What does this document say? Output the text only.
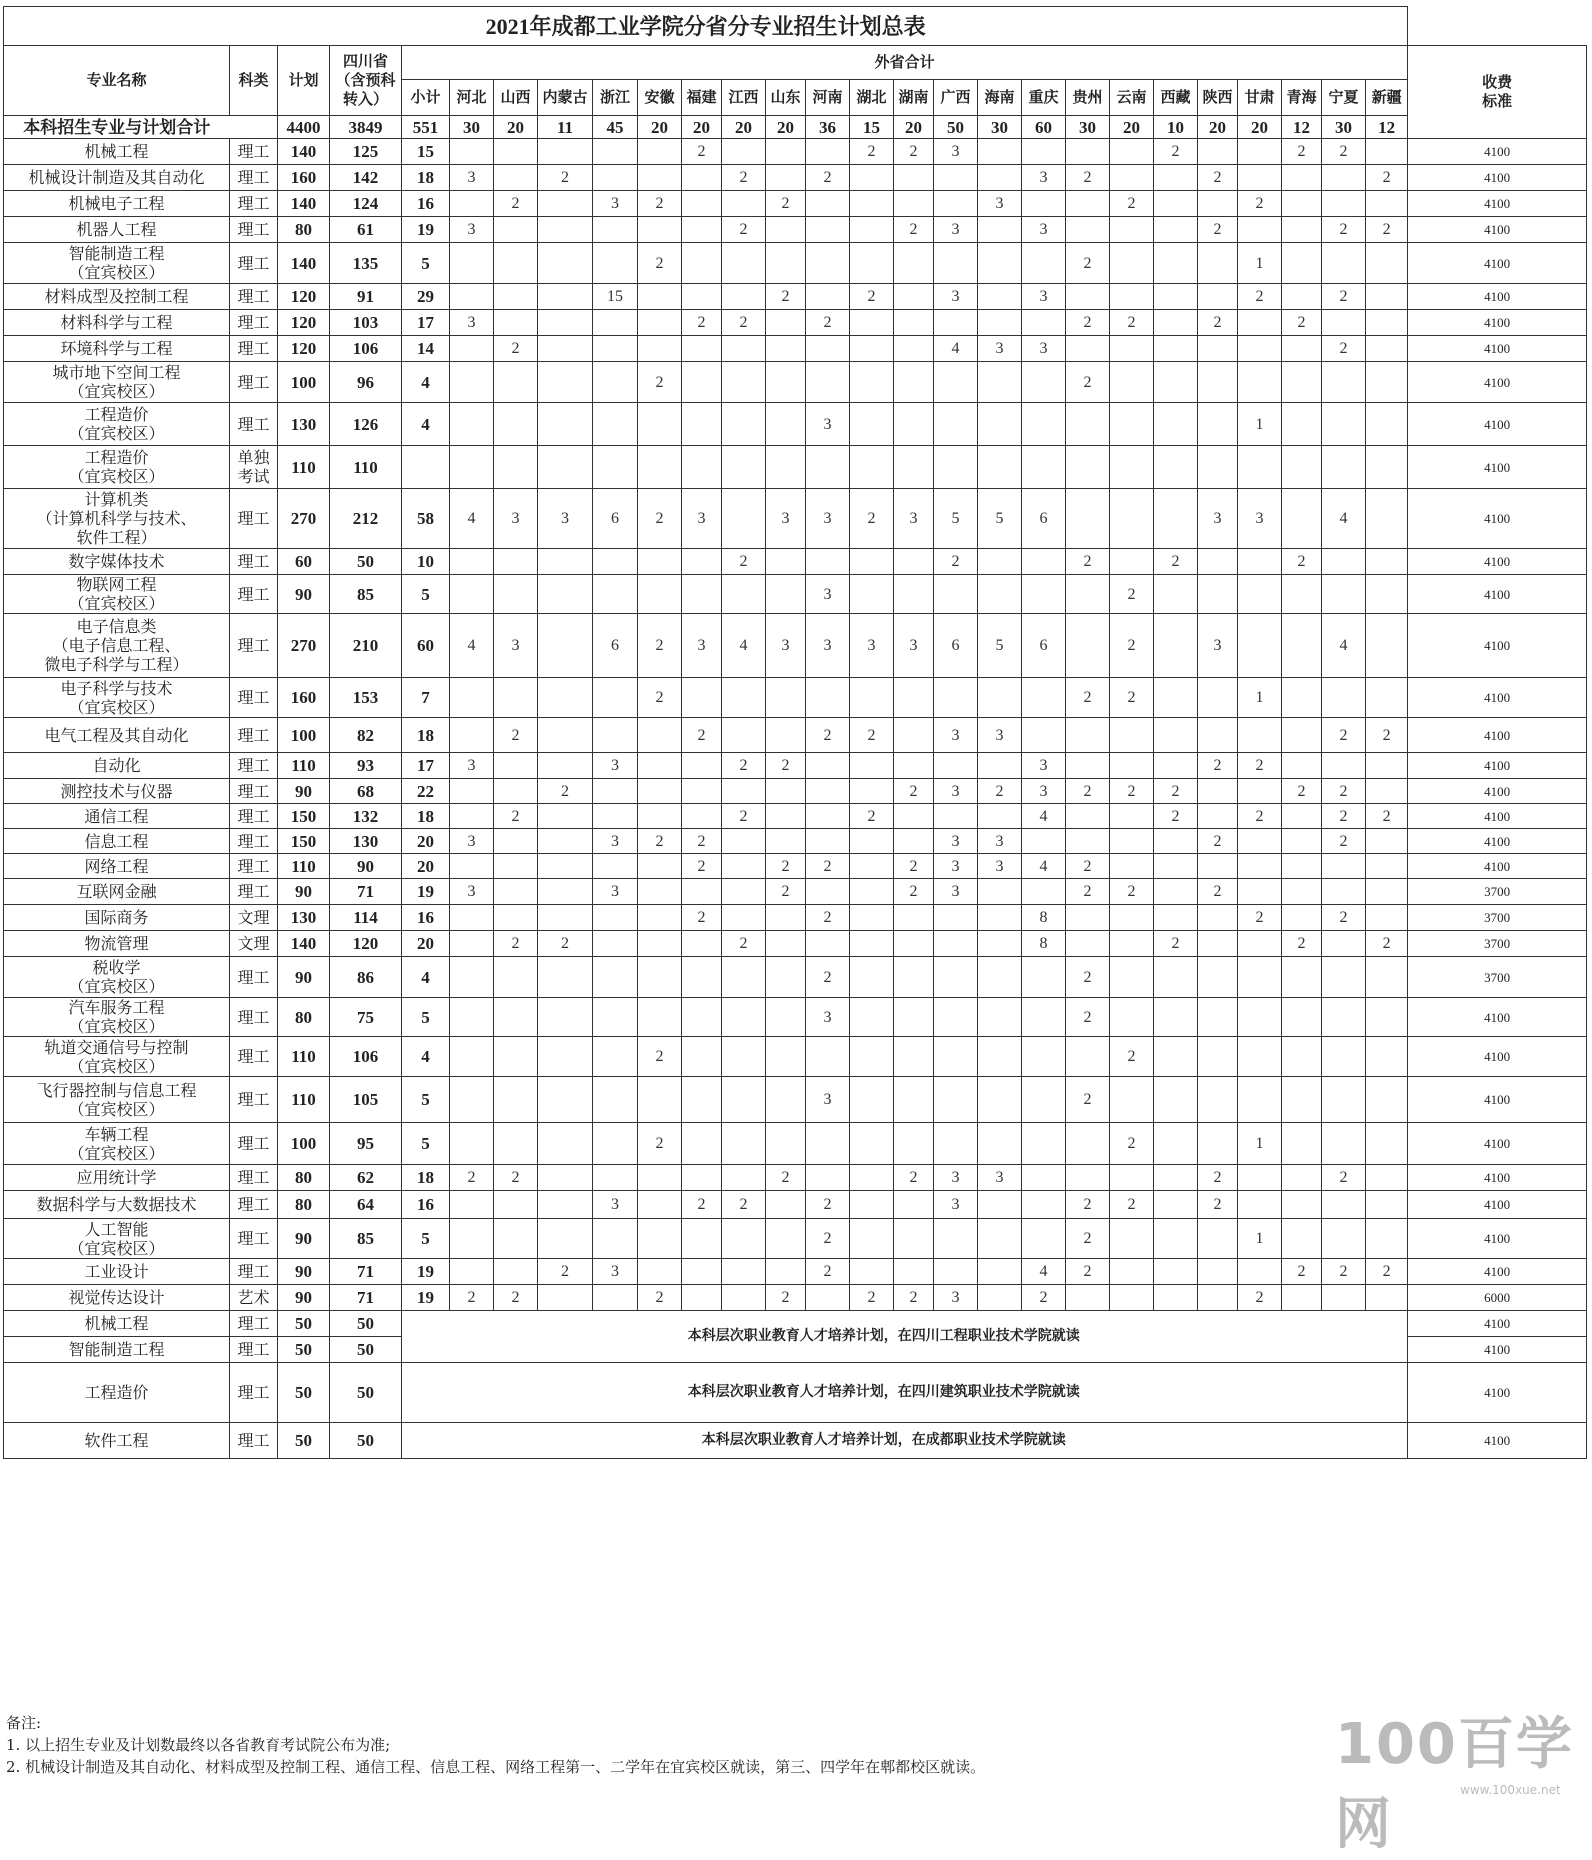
2021年成都工业学院分省分专业招生计划总表																											
专业名称	科类	计划	四川省
（含预科
转入）	外省合计																							收费
标准
				小计	河北	山西	内蒙古	浙江	安徽	福建	江西	山东	河南	湖北	湖南	广西	海南	重庆	贵州	云南	西藏	陕西	甘肃	青海	宁夏	新疆	
本科招生专业与计划合计		4400	3849	551	30	20	11	45	20	20	20	20	36	15	20	50	30	60	30	20	10	20	20	12	30	12	
机械工程	理工	140	125	15						2				2	2	3					2			2	2		4100
机械设计制造及其自动化	理工	160	142	18	3		2				2		2					3	2			2				2	4100
机械电子工程	理工	140	124	16		2		3	2			2					3			2			2				4100
机器人工程	理工	80	61	19	3						2				2	3		3				2			2	2	4100
智能制造工程
（宜宾校区）	理工	140	135	5					2										2				1				4100
材料成型及控制工程	理工	120	91	29				15				2		2		3		3					2		2		4100
材料科学与工程	理工	120	103	17	3					2	2		2						2	2		2		2			4100
环境科学与工程	理工	120	106	14		2										4	3	3							2		4100
城市地下空间工程
（宜宾校区）	理工	100	96	4					2										2								4100
工程造价
（宜宾校区）	理工	130	126	4									3										1				4100
工程造价
（宜宾校区）	单独
考试	110	110																								4100
计算机类
（计算机科学与技术、
软件工程）	理工	270	212	58	4	3	3	6	2	3		3	3	2	3	5	5	6				3	3		4		4100
数字媒体技术	理工	60	50	10							2					2			2		2			2			4100
物联网工程
（宜宾校区）	理工	90	85	5									3							2							4100
电子信息类
（电子信息工程、
微电子科学与工程）	理工	270	210	60	4	3		6	2	3	4	3	3	3	3	6	5	6		2		3			4		4100
电子科学与技术
（宜宾校区）	理工	160	153	7					2										2	2			1				4100
电气工程及其自动化	理工	100	82	18		2				2			2	2		3	3								2	2	4100
自动化	理工	110	93	17	3			3			2	2						3				2	2				4100
测控技术与仪器	理工	90	68	22			2								2	3	2	3	2	2	2			2	2		4100
通信工程	理工	150	132	18		2					2			2				4			2		2		2	2	4100
信息工程	理工	150	130	20	3			3	2	2						3	3					2			2		4100
网络工程	理工	110	90	20						2		2	2		2	3	3	4	2								4100
互联网金融	理工	90	71	19	3			3				2			2	3			2	2		2					3700
国际商务	文理	130	114	16						2			2					8					2		2		3700
物流管理	文理	140	120	20		2	2				2							8			2			2		2	3700
税收学
（宜宾校区）	理工	90	86	4									2						2								3700
汽车服务工程
（宜宾校区）	理工	80	75	5									3						2								4100
轨道交通信号与控制
（宜宾校区）	理工	110	106	4					2											2							4100
飞行器控制与信息工程
（宜宾校区）	理工	110	105	5									3						2								4100
车辆工程
（宜宾校区）	理工	100	95	5					2											2			1				4100
应用统计学	理工	80	62	18	2	2						2			2	3	3					2			2		4100
数据科学与大数据技术	理工	80	64	16				3		2	2		2			3			2	2		2					4100
人工智能
（宜宾校区）	理工	90	85	5									2						2				1				4100
工业设计	理工	90	71	19			2	3					2					4	2					2	2	2	4100
视觉传达设计	艺术	90	71	19	2	2			2			2		2	2	3		2					2				6000
机械工程	理工	50	50	本科层次职业教育人才培养计划，在四川工程职业技术学院就读																							4100
智能制造工程	理工	50	50																								4100
工程造价	理工	50	50	本科层次职业教育人才培养计划，在四川建筑职业技术学院就读																							4100
软件工程	理工	50	50	本科层次职业教育人才培养计划，在成都职业技术学院就读																							4100
备注:
1. 以上招生专业及计划数最终以各省教育考试院公布为准;
2. 机械设计制造及其自动化、材料成型及控制工程、通信工程、信息工程、网络工程第一、二学年在宜宾校区就读，第三、四学年在郫都校区就读。	100百学网
www.100xue.net
